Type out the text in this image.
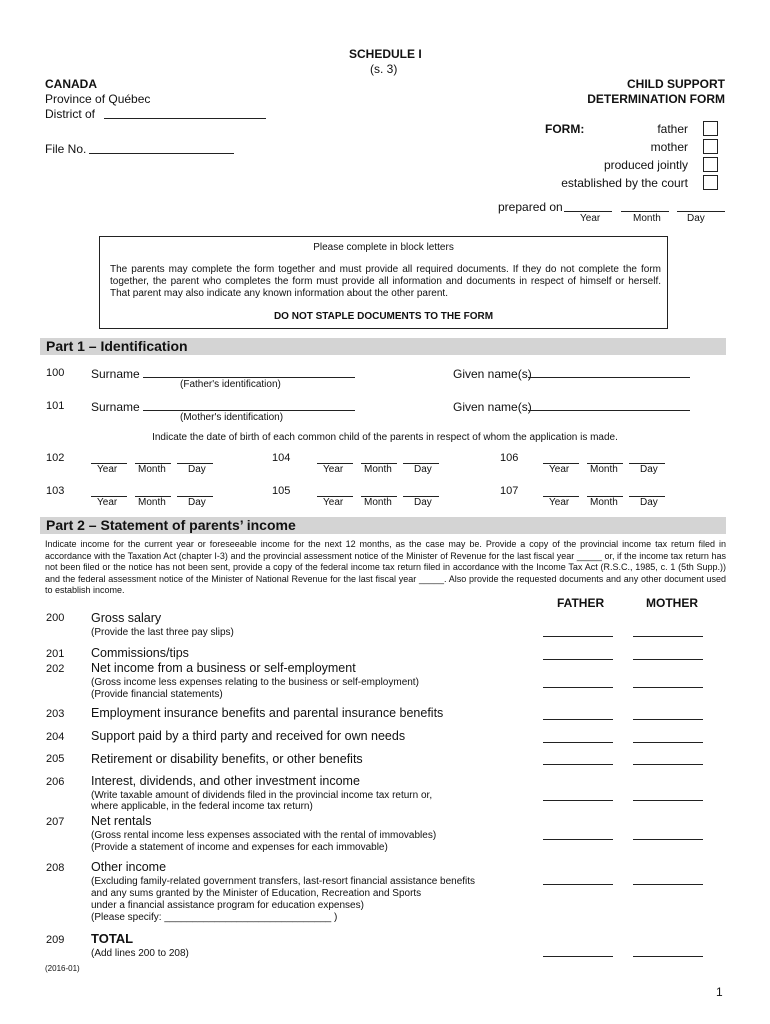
SCHEDULE I
(s. 3)
CANADA
Province of Québec
District of
File No.
CHILD SUPPORT
DETERMINATION FORM
FORM:	father
mother
produced jointly
established by the court
prepared on
Year	Month	Day
Please complete in block letters
The parents may complete the form together and must provide all required documents. If they do not complete the form together, the parent who completes the form must provide all information and documents in respect of himself or herself. That parent may also indicate any known information about the other parent.
DO NOT STAPLE DOCUMENTS TO THE FORM
Part 1 – Identification
100 Surname	Given name(s)
(Father's identification)
101 Surname	Given name(s)
(Mother's identification)
Indicate the date of birth of each common child of the parents in respect of whom the application is made.
102	104	106
103	105	107
Year Month Day	Year Month Day	Year Month Day
Year Month Day	Year Month Day	Year Month Day
Part 2 – Statement of parents’ income
Indicate income for the current year or foreseeable income for the next 12 months, as the case may be. Provide a copy of the provincial income tax return filed in accordance with the Taxation Act (chapter I-3) and the provincial assessment notice of the Minister of Revenue for the last fiscal year _____ or, if the income tax return has not been filed or the notice has not been sent, provide a copy of the federal income tax return filed in accordance with the Income Tax Act (R.S.C., 1985, c. 1 (5th Supp.)) and the federal assessment notice of the Minister of National Revenue for the last fiscal year _____. Also provide the requested documents and any other document used to establish income.
FATHER	MOTHER
200 Gross salary
(Provide the last three pay slips)
201 Commissions/tips
202 Net income from a business or self-employment
(Gross income less expenses relating to the business or self-employment)
(Provide financial statements)
203 Employment insurance benefits and parental insurance benefits
204 Support paid by a third party and received for own needs
205 Retirement or disability benefits, or other benefits
206 Interest, dividends, and other investment income
(Write taxable amount of dividends filed in the provincial income tax return or,
where applicable, in the federal income tax return)
207 Net rentals
(Gross rental income less expenses associated with the rental of immovables)
(Provide a statement of income and expenses for each immovable)
208 Other income
(Excluding family-related government transfers, last-resort financial assistance benefits
and any sums granted by the Minister of Education, Recreation and Sports
under a financial assistance program for education expenses)
(Please specify: ______________________________ )
209 TOTAL
(Add lines 200 to 208)
(2016-01)
1
